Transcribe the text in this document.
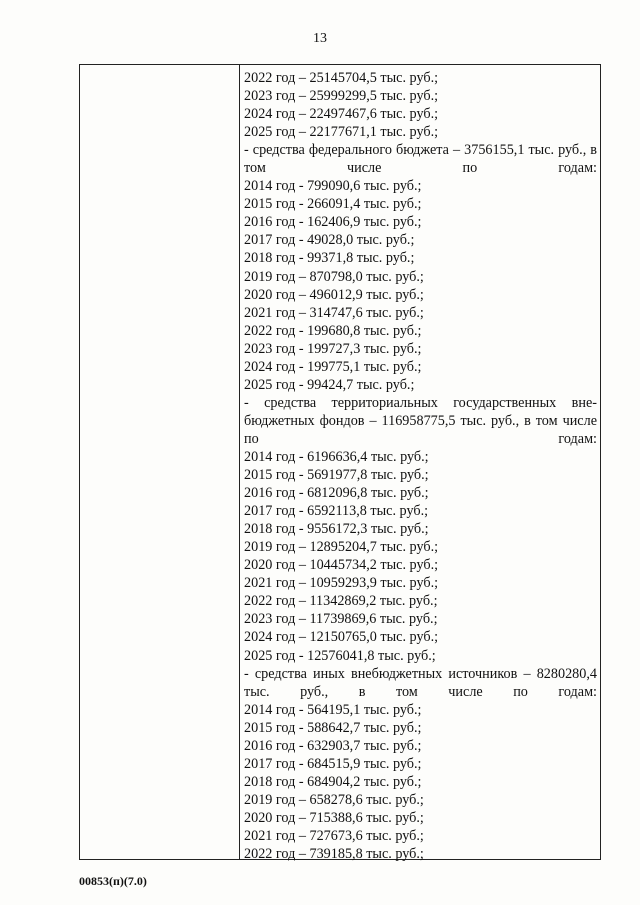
13
2022 год – 25145704,5 тыс. руб.;
2023 год – 25999299,5 тыс. руб.;
2024 год – 22497467,6 тыс. руб.;
2025 год – 22177671,1 тыс. руб.;
- средства федерального бюджета – 3756155,1 тыс. руб., в том числе по годам:
2014 год - 799090,6 тыс. руб.;
2015 год - 266091,4 тыс. руб.;
2016 год - 162406,9 тыс. руб.;
2017 год - 49028,0 тыс. руб.;
2018 год - 99371,8 тыс. руб.;
2019 год – 870798,0 тыс. руб.;
2020 год – 496012,9 тыс. руб.;
2021 год – 314747,6 тыс. руб.;
2022 год - 199680,8 тыс. руб.;
2023 год - 199727,3 тыс. руб.;
2024 год - 199775,1 тыс. руб.;
2025 год - 99424,7 тыс. руб.;
- средства территориальных государственных вне- бюджетных фондов – 116958775,5 тыс. руб., в том числе по годам:
2014 год - 6196636,4 тыс. руб.;
2015 год - 5691977,8 тыс. руб.;
2016 год - 6812096,8 тыс. руб.;
2017 год - 6592113,8 тыс. руб.;
2018 год - 9556172,3 тыс. руб.;
2019 год – 12895204,7 тыс. руб.;
2020 год – 10445734,2 тыс. руб.;
2021 год – 10959293,9 тыс. руб.;
2022 год – 11342869,2 тыс. руб.;
2023 год – 11739869,6 тыс. руб.;
2024 год – 12150765,0 тыс. руб.;
2025 год - 12576041,8 тыс. руб.;
- средства иных внебюджетных источников – 8280280,4 тыс. руб., в том числе по годам:
2014 год - 564195,1 тыс. руб.;
2015 год - 588642,7 тыс. руб.;
2016 год - 632903,7 тыс. руб.;
2017 год - 684515,9 тыс. руб.;
2018 год - 684904,2 тыс. руб.;
2019 год – 658278,6 тыс. руб.;
2020 год – 715388,6 тыс. руб.;
2021 год – 727673,6 тыс. руб.;
2022 год – 739185,8 тыс. руб.;
00853(п)(7.0)
